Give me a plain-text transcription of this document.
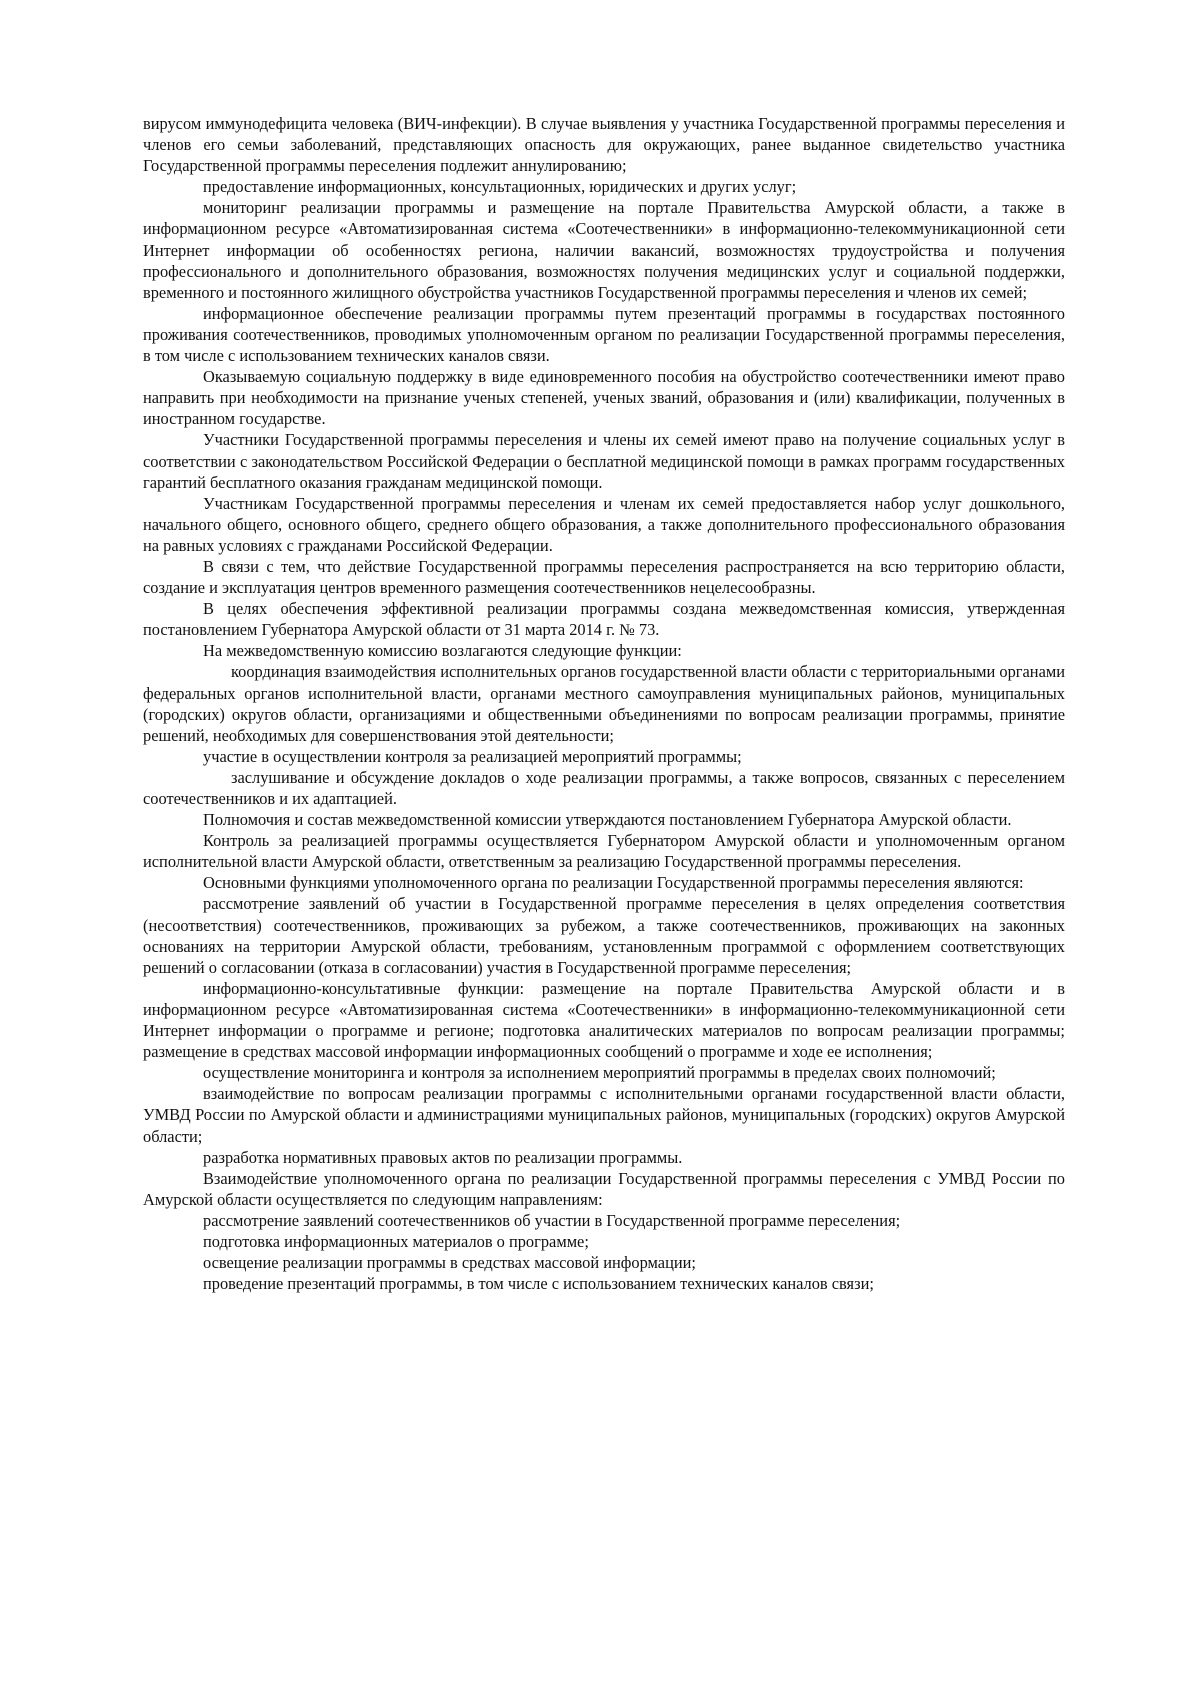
вирусом иммунодефицита человека (ВИЧ-инфекции). В случае выявления у участника Государственной программы переселения и членов его семьи заболеваний, представляющих опасность для окружающих, ранее выданное свидетельство участника Государственной программы переселения подлежит аннулированию;

предоставление информационных, консультационных, юридических и других услуг;

мониторинг реализации программы и размещение на портале Правительства Амурской области, а также в информационном ресурсе «Автоматизированная система «Соотечественники» в информационно-телекоммуникационной сети Интернет информации об особенностях региона, наличии вакансий, возможностях трудоустройства и получения профессионального и дополнительного образования, возможностях получения медицинских услуг и социальной поддержки, временного и постоянного жилищного обустройства участников Государственной программы переселения и членов их семей;

информационное обеспечение реализации программы путем презентаций программы в государствах постоянного проживания соотечественников, проводимых уполномоченным органом по реализации Государственной программы переселения, в том числе с использованием технических каналов связи.

Оказываемую социальную поддержку в виде единовременного пособия на обустройство соотечественники имеют право направить при необходимости на признание ученых степеней, ученых званий, образования и (или) квалификации, полученных в иностранном государстве.

Участники Государственной программы переселения и члены их семей имеют право на получение социальных услуг в соответствии с законодательством Российской Федерации о бесплатной медицинской помощи в рамках программ государственных гарантий бесплатного оказания гражданам медицинской помощи.

Участникам Государственной программы переселения и членам их семей предоставляется набор услуг дошкольного, начального общего, основного общего, среднего общего образования, а также дополнительного профессионального образования на равных условиях с гражданами Российской Федерации.

В связи с тем, что действие Государственной программы переселения распространяется на всю территорию области, создание и эксплуатация центров временного размещения соотечественников нецелесообразны.

В целях обеспечения эффективной реализации программы создана межведомственная комиссия, утвержденная постановлением Губернатора Амурской области от 31 марта 2014 г. № 73.

На межведомственную комиссию возлагаются следующие функции:

координация взаимодействия исполнительных органов государственной власти области с территориальными органами федеральных органов исполнительной власти, органами местного самоуправления муниципальных районов, муниципальных (городских) округов области, организациями и общественными объединениями по вопросам реализации программы, принятие решений, необходимых для совершенствования этой деятельности;

участие в осуществлении контроля за реализацией мероприятий программы;

заслушивание и обсуждение докладов о ходе реализации программы, а также вопросов, связанных с переселением соотечественников и их адаптацией.

Полномочия и состав межведомственной комиссии утверждаются постановлением Губернатора Амурской области.

Контроль за реализацией программы осуществляется Губернатором Амурской области и уполномоченным органом исполнительной власти Амурской области, ответственным за реализацию Государственной программы переселения.

Основными функциями уполномоченного органа по реализации Государственной программы переселения являются:

рассмотрение заявлений об участии в Государственной программе переселения в целях определения соответствия (несоответствия) соотечественников, проживающих за рубежом, а также соотечественников, проживающих на законных основаниях на территории Амурской области, требованиям, установленным программой с оформлением соответствующих решений о согласовании (отказа в согласовании) участия в Государственной программе переселения;

информационно-консультативные функции: размещение на портале Правительства Амурской области и в информационном ресурсе «Автоматизированная система «Соотечественники» в информационно-телекоммуникационной сети Интернет информации о программе и регионе; подготовка аналитических материалов по вопросам реализации программы; размещение в средствах массовой информации информационных сообщений о программе и ходе ее исполнения;

осуществление мониторинга и контроля за исполнением мероприятий программы в пределах своих полномочий;

взаимодействие по вопросам реализации программы с исполнительными органами государственной власти области, УМВД России по Амурской области и администрациями муниципальных районов, муниципальных (городских) округов Амурской области;

разработка нормативных правовых актов по реализации программы.

Взаимодействие уполномоченного органа по реализации Государственной программы переселения с УМВД России по Амурской области осуществляется по следующим направлениям:

рассмотрение заявлений соотечественников об участии в Государственной программе переселения;

подготовка информационных материалов о программе;

освещение реализации программы в средствах массовой информации;

проведение презентаций программы, в том числе с использованием технических каналов связи;
